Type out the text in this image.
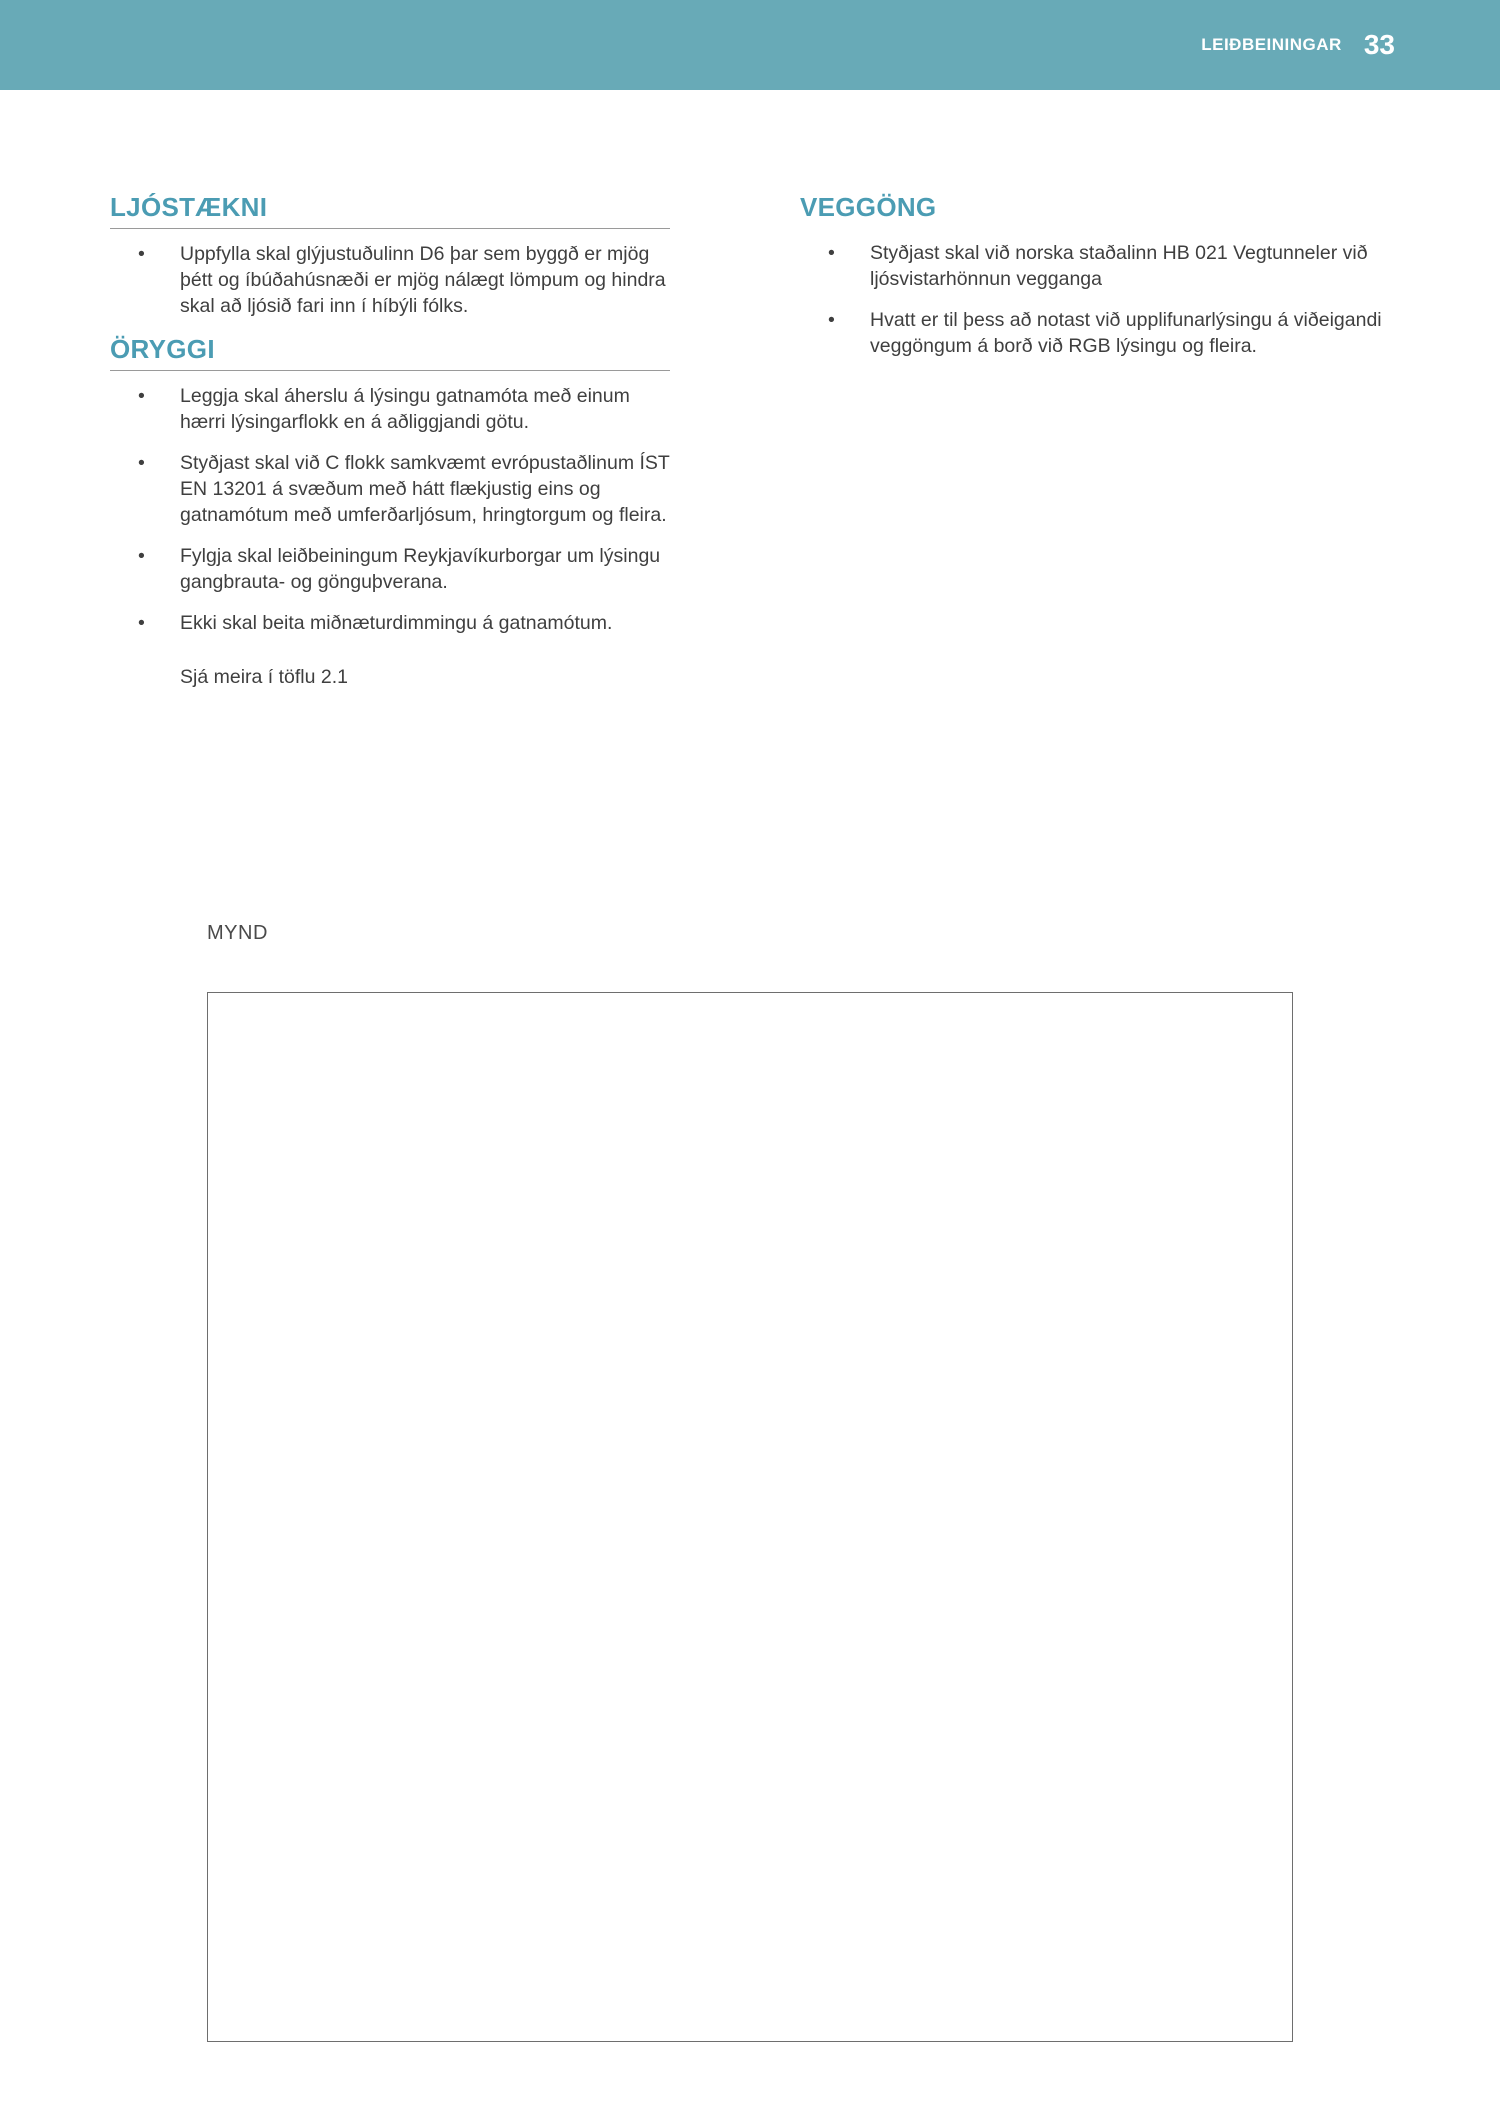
LEIÐBEININGAR 33
LJÓSTÆKNI
•
Uppfylla skal glýjustuðulinn D6 þar sem byggð er mjög þétt og íbúðahúsnæði er mjög nálægt lömpum og hindra skal að ljósið fari inn í híbýli fólks.
ÖRYGGI
•
Leggja skal áherslu á lýsingu gatnamóta með einum hærri lýsingarflokk en á aðliggjandi götu.
•
Styðjast skal við C flokk samkvæmt evrópustaðlinum ÍST EN 13201 á svæðum með hátt flækjustig eins og gatnamótum með umferðarljósum, hringtorgum og fleira.
•
Fylgja skal leiðbeiningum Reykjavíkurborgar um lýsingu gangbrauta- og gönguþverana.
•
Ekki skal beita miðnæturdimmingu á gatnamótum.
Sjá meira í töflu 2.1
VEGGÖNG
•
Styðjast skal við norska staðalinn HB 021 Vegtunneler við ljósvistarhönnun vegganga
•
Hvatt er til þess að notast við upplifunarlýsingu á viðeigandi veggöngum á borð við RGB lýsingu og fleira.
MYND
